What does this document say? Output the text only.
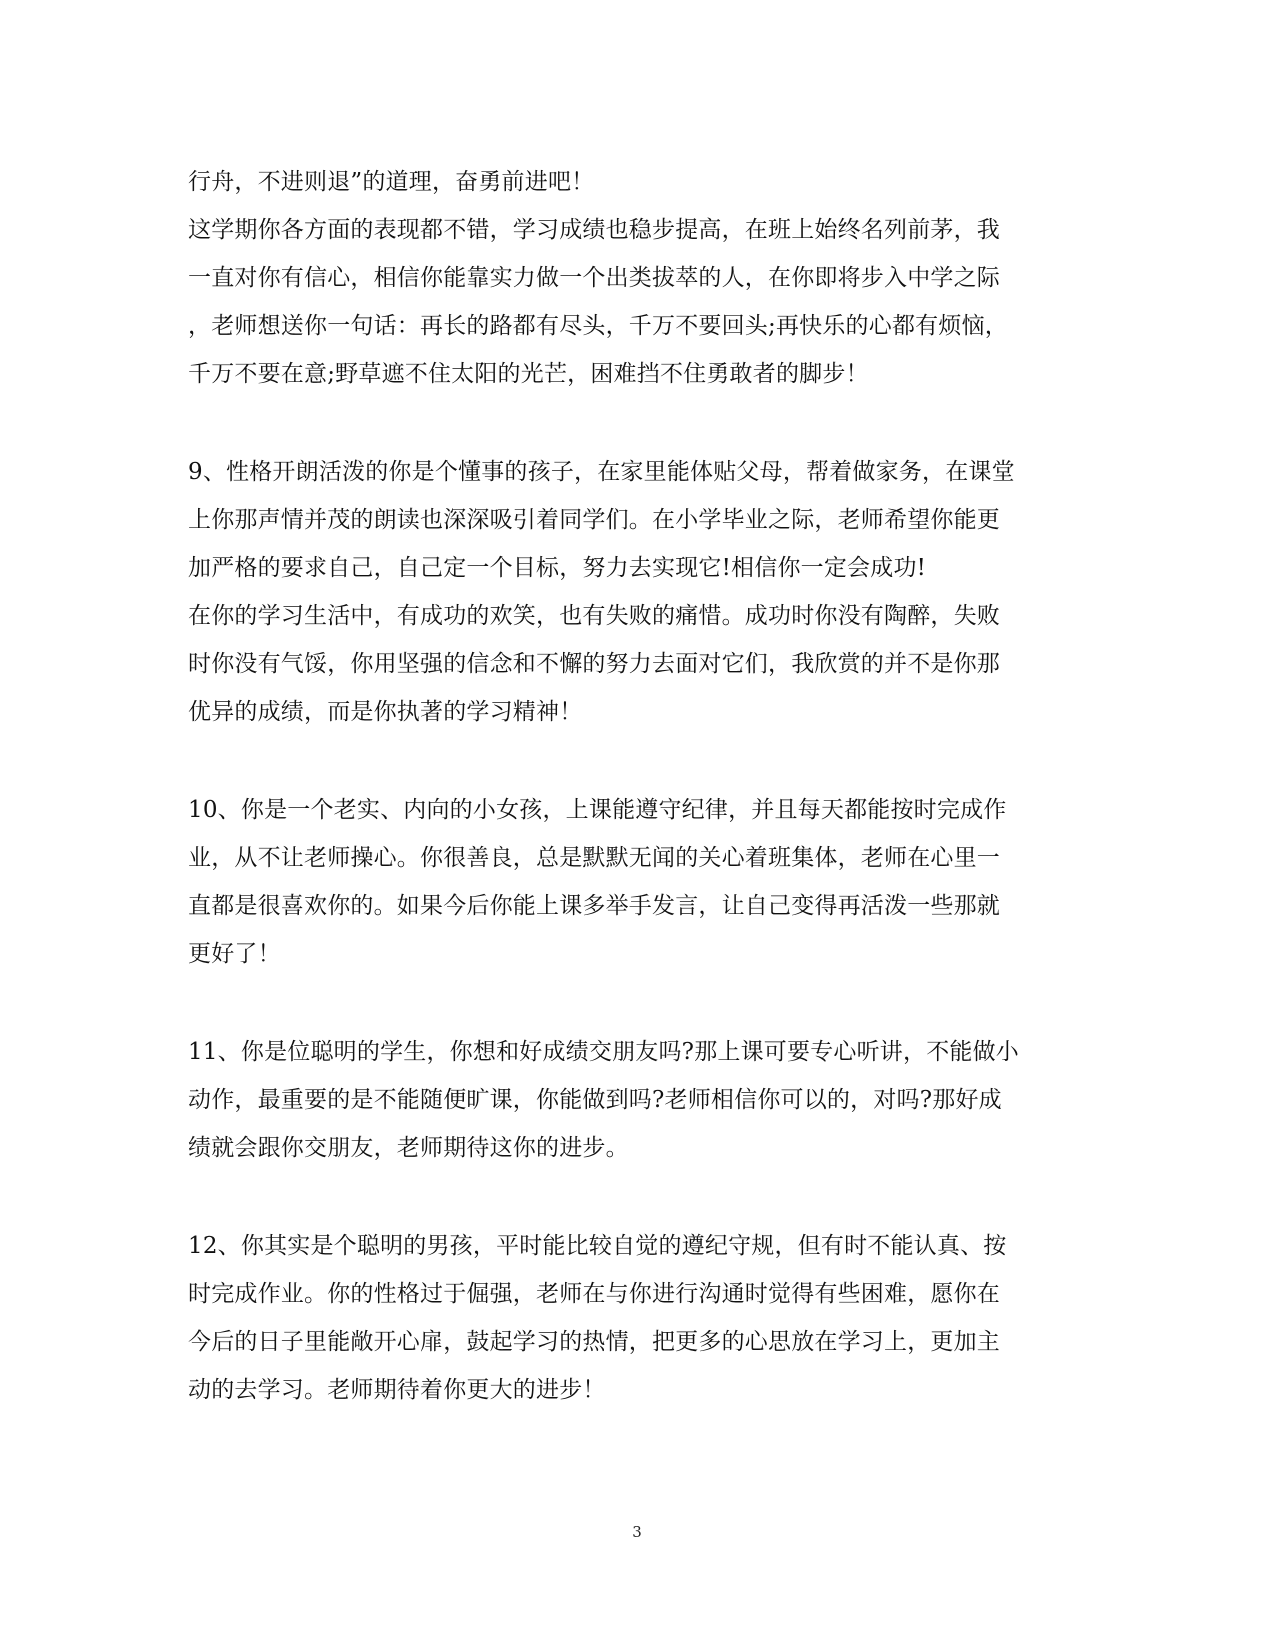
行舟，不进则退”的道理，奋勇前进吧！
这学期你各方面的表现都不错，学习成绩也稳步提高，在班上始终名列前茅，我
一直对你有信心，相信你能靠实力做一个出类拔萃的人，在你即将步入中学之际
，老师想送你一句话：再长的路都有尽头，千万不要回头;再快乐的心都有烦恼，
千万不要在意;野草遮不住太阳的光芒，困难挡不住勇敢者的脚步！
9、性格开朗活泼的你是个懂事的孩子，在家里能体贴父母，帮着做家务，在课堂
上你那声情并茂的朗读也深深吸引着同学们。在小学毕业之际，老师希望你能更
加严格的要求自己，自己定一个目标，努力去实现它!相信你一定会成功!
在你的学习生活中，有成功的欢笑，也有失败的痛惜。成功时你没有陶醉，失败
时你没有气馁，你用坚强的信念和不懈的努力去面对它们，我欣赏的并不是你那
优异的成绩，而是你执著的学习精神！
10、你是一个老实、内向的小女孩，上课能遵守纪律，并且每天都能按时完成作
业，从不让老师操心。你很善良，总是默默无闻的关心着班集体，老师在心里一
直都是很喜欢你的。如果今后你能上课多举手发言，让自己变得再活泼一些那就
更好了！
11、你是位聪明的学生，你想和好成绩交朋友吗?那上课可要专心听讲，不能做小
动作，最重要的是不能随便旷课，你能做到吗?老师相信你可以的，对吗?那好成
绩就会跟你交朋友，老师期待这你的进步。
12、你其实是个聪明的男孩，平时能比较自觉的遵纪守规，但有时不能认真、按
时完成作业。你的性格过于倔强，老师在与你进行沟通时觉得有些困难，愿你在
今后的日子里能敞开心扉，鼓起学习的热情，把更多的心思放在学习上，更加主
动的去学习。老师期待着你更大的进步！
3
